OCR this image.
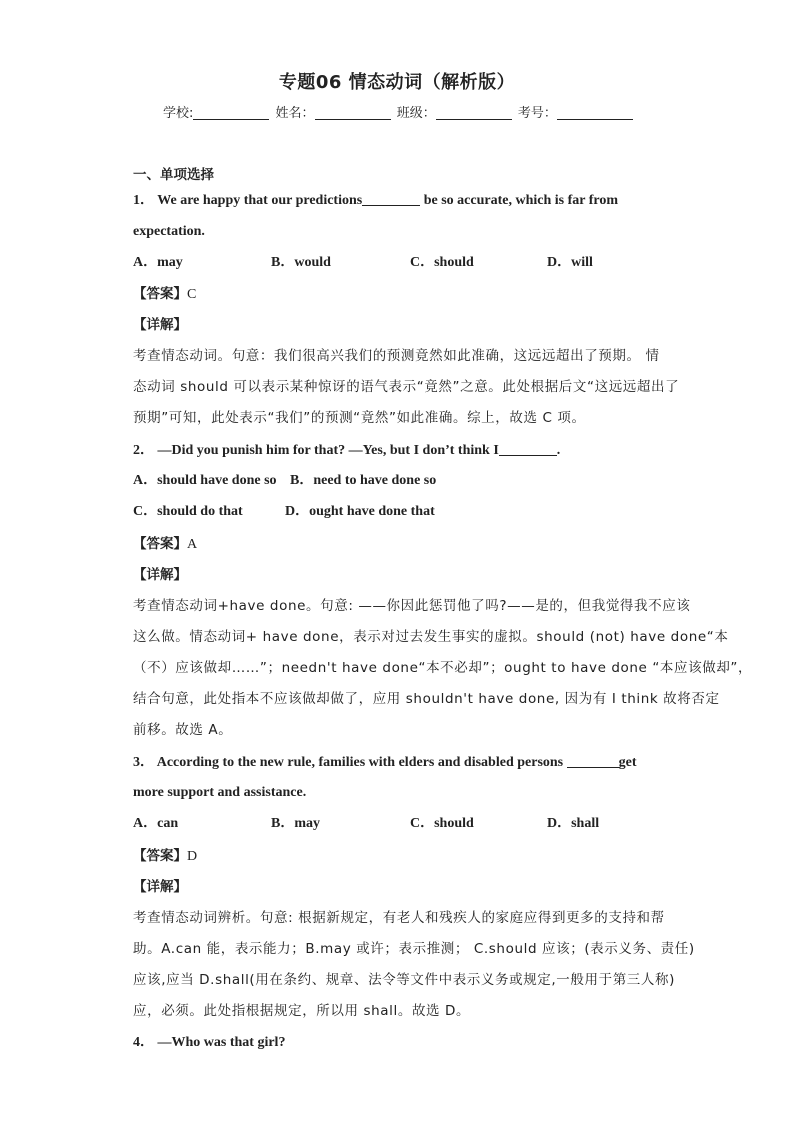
专题06 情态动词（解析版）
学校:	姓名：	班级：	考号：
一、单项选择
1． We are happy that our predictions	be so accurate, which is far from
expectation.
A．may	B．would	C．should	D．will
【答案】C
【详解】
考查情态动词。句意：我们很高兴我们的预测竟然如此准确，这远远超出了预期。 情
态动词 should 可以表示某种惊讶的语气表示“竟然”之意。此处根据后文“这远远超出了
预期”可知，此处表示“我们”的预测“竟然”如此准确。综上，故选 C 项。
2． —Did you punish him for that? —Yes, but I don’t think I	.
A．should have done so B．need to have done so
C．should do that	D．ought have done that
【答案】A
【详解】
考查情态动词+have done。句意: ——你因此惩罚他了吗?——是的，但我觉得我不应该
这么做。情态动词+ have done，表示对过去发生事实的虚拟。should (not) have done“本
（不）应该做却……”；needn't have done“本不必却”；ought to have done “本应该做却”，
结合句意，此处指本不应该做却做了，应用 shouldn't have done, 因为有 I think 故将否定
前移。故选 A。
3． According to the new rule, families with elders and disabled persons	get
more support and assistance.
A．can	B．may	C．should	D．shall
【答案】D
【详解】
考查情态动词辨析。句意: 根据新规定，有老人和残疾人的家庭应得到更多的支持和帮
助。A.can 能，表示能力；B.may 或许；表示推测； C.should 应该；(表示义务、责任)
应该,应当 D.shall(用在条约、规章、法令等文件中表示义务或规定,一般用于第三人称)
应，必须。此处指根据规定，所以用 shall。故选 D。
4． —Who was that girl?
